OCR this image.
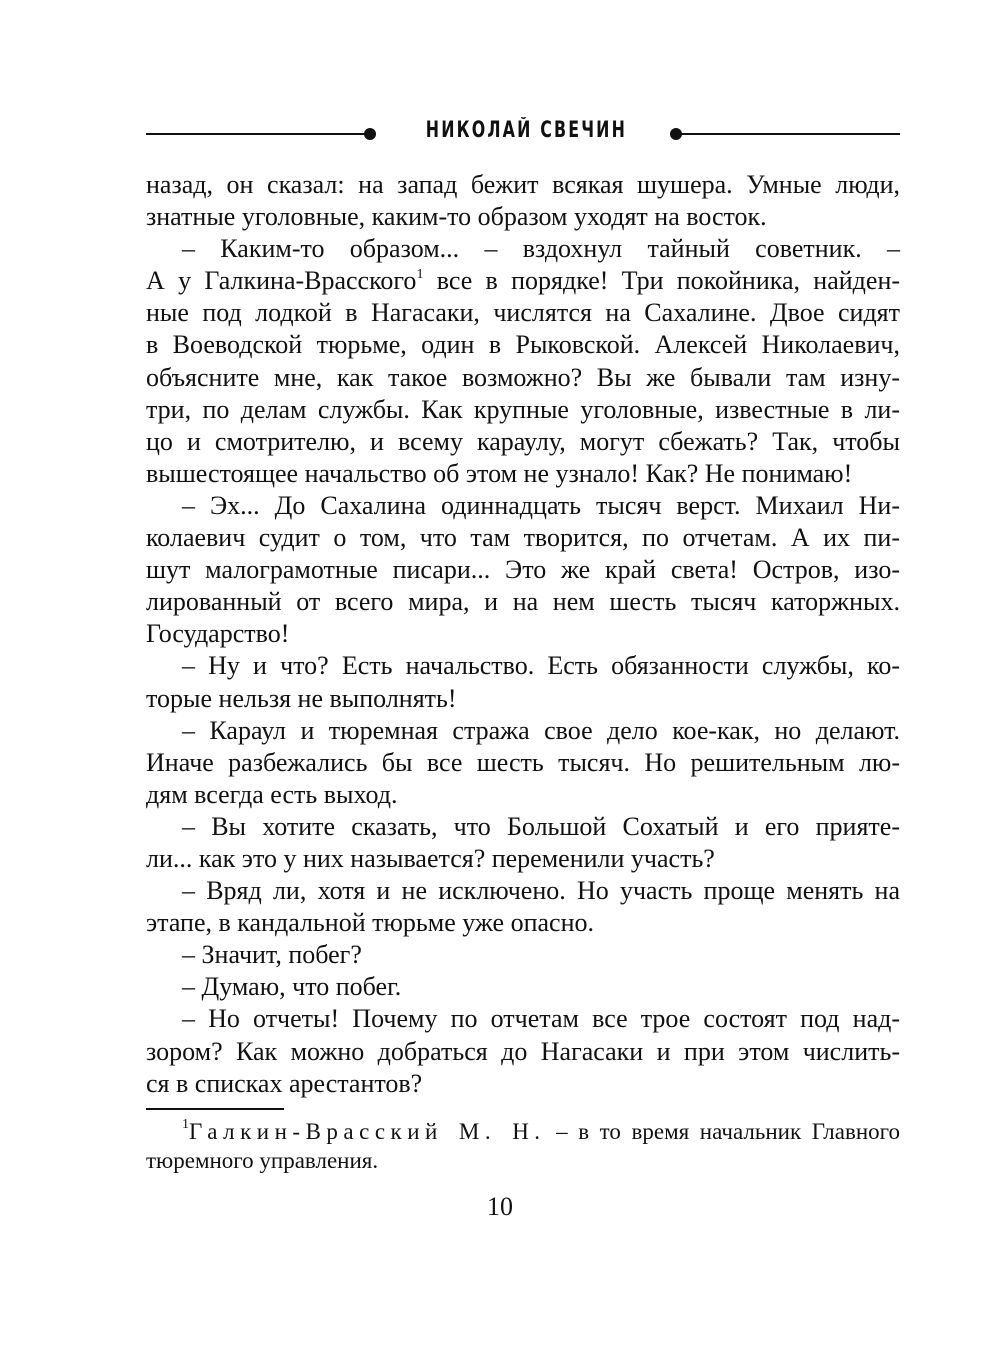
НИКОЛАЙ СВЕЧИН
назад, он сказал: на запад бежит всякая шушера. Умные люди,
знатные уголовные, каким-то образом уходят на восток.
– Каким-то образом... – вздохнул тайный советник. –
А у Галкина-Врасского$^1$ все в порядке! Три покойника, найден-
ные под лодкой в Нагасаки, числятся на Сахалине. Двое сидят
в Воеводской тюрьме, один в Рыковской. Алексей Николаевич,
объясните мне, как такое возможно? Вы же бывали там изну-
три, по делам службы. Как крупные уголовные, известные в ли-
цо и смотрителю, и всему караулу, могут сбежать? Так, чтобы
вышестоящее начальство об этом не узнало! Как? Не понимаю!
– Эх... До Сахалина одиннадцать тысяч верст. Михаил Ни-
колаевич судит о том, что там творится, по отчетам. А их пи-
шут малограмотные писари... Это же край света! Остров, изо-
лированный от всего мира, и на нем шесть тысяч каторжных.
Государство!
– Ну и что? Есть начальство. Есть обязанности службы, ко-
торые нельзя не выполнять!
– Караул и тюремная стража свое дело кое-как, но делают.
Иначе разбежались бы все шесть тысяч. Но решительным лю-
дям всегда есть выход.
– Вы хотите сказать, что Большой Сохатый и его прияте-
ли... как это у них называется? переменили участь?
– Вряд ли, хотя и не исключено. Но участь проще менять на
этапе, в кандальной тюрьме уже опасно.
– Значит, побег?
– Думаю, что побег.
– Но отчеты! Почему по отчетам все трое состоят под над-
зором? Как можно добраться до Нагасаки и при этом числить-
ся в списках арестантов?
$^1$Галкин-Врасский М. Н. – в то время начальник Главного
тюремного управления.
10
